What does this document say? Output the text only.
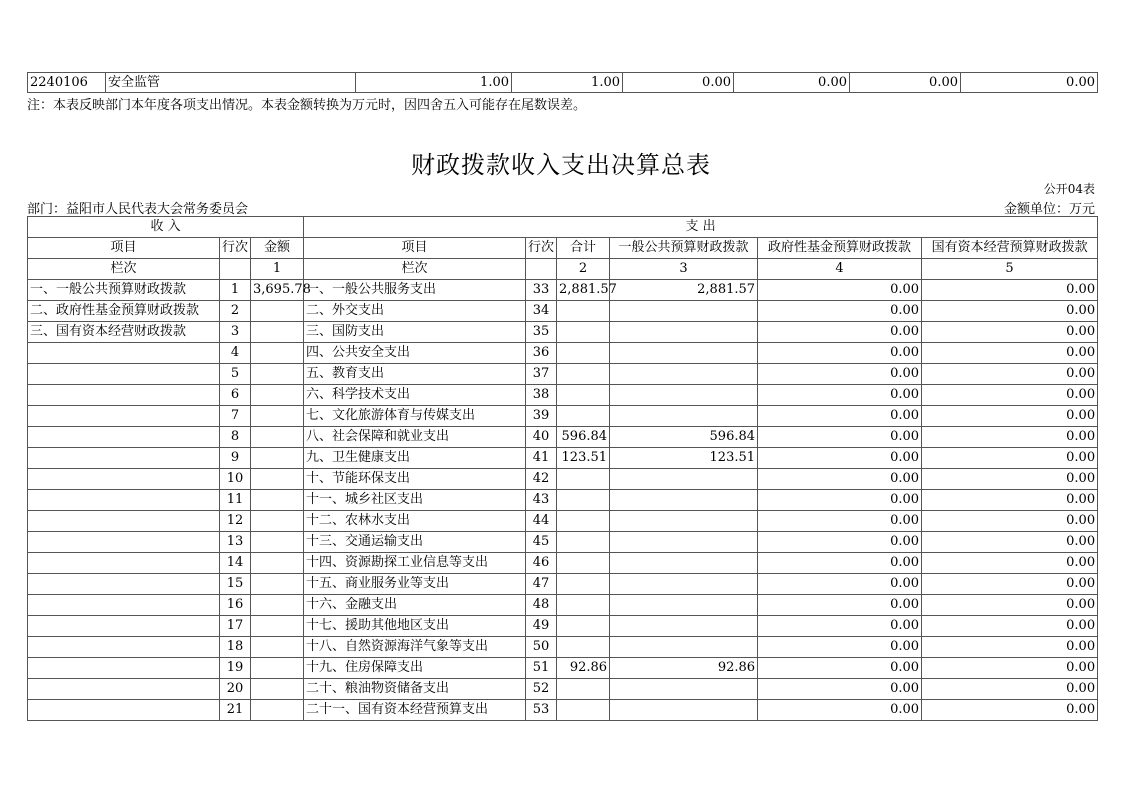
2240106	安全监管	1.00	1.00	0.00	0.00	0.00	0.00
注：本表反映部门本年度各项支出情况。本表金额转换为万元时，因四舍五入可能存在尾数误差。
财政拨款收入支出决算总表
公开04表
部门：益阳市人民代表大会常务委员会	金额单位：万元
收 入			支 出					
项目	行次	金额	项目	行次	合计	一般公共预算财政拨款	政府性基金预算财政拨款	国有资本经营预算财政拨款
栏次		1	栏次		2	3	4	5
一、一般公共预算财政拨款	1	3,695.78	一、一般公共服务支出	33	2,881.57	2,881.57	0.00	0.00
二、政府性基金预算财政拨款	2		二、外交支出	34			0.00	0.00
三、国有资本经营财政拨款	3		三、国防支出	35			0.00	0.00
	4		四、公共安全支出	36			0.00	0.00
	5		五、教育支出	37			0.00	0.00
	6		六、科学技术支出	38			0.00	0.00
	7		七、文化旅游体育与传媒支出	39			0.00	0.00
	8		八、社会保障和就业支出	40	596.84	596.84	0.00	0.00
	9		九、卫生健康支出	41	123.51	123.51	0.00	0.00
	10		十、节能环保支出	42			0.00	0.00
	11		十一、城乡社区支出	43			0.00	0.00
	12		十二、农林水支出	44			0.00	0.00
	13		十三、交通运输支出	45			0.00	0.00
	14		十四、资源勘探工业信息等支出	46			0.00	0.00
	15		十五、商业服务业等支出	47			0.00	0.00
	16		十六、金融支出	48			0.00	0.00
	17		十七、援助其他地区支出	49			0.00	0.00
	18		十八、自然资源海洋气象等支出	50			0.00	0.00
	19		十九、住房保障支出	51	92.86	92.86	0.00	0.00
	20		二十、粮油物资储备支出	52			0.00	0.00
	21		二十一、国有资本经营预算支出	53			0.00	0.00
